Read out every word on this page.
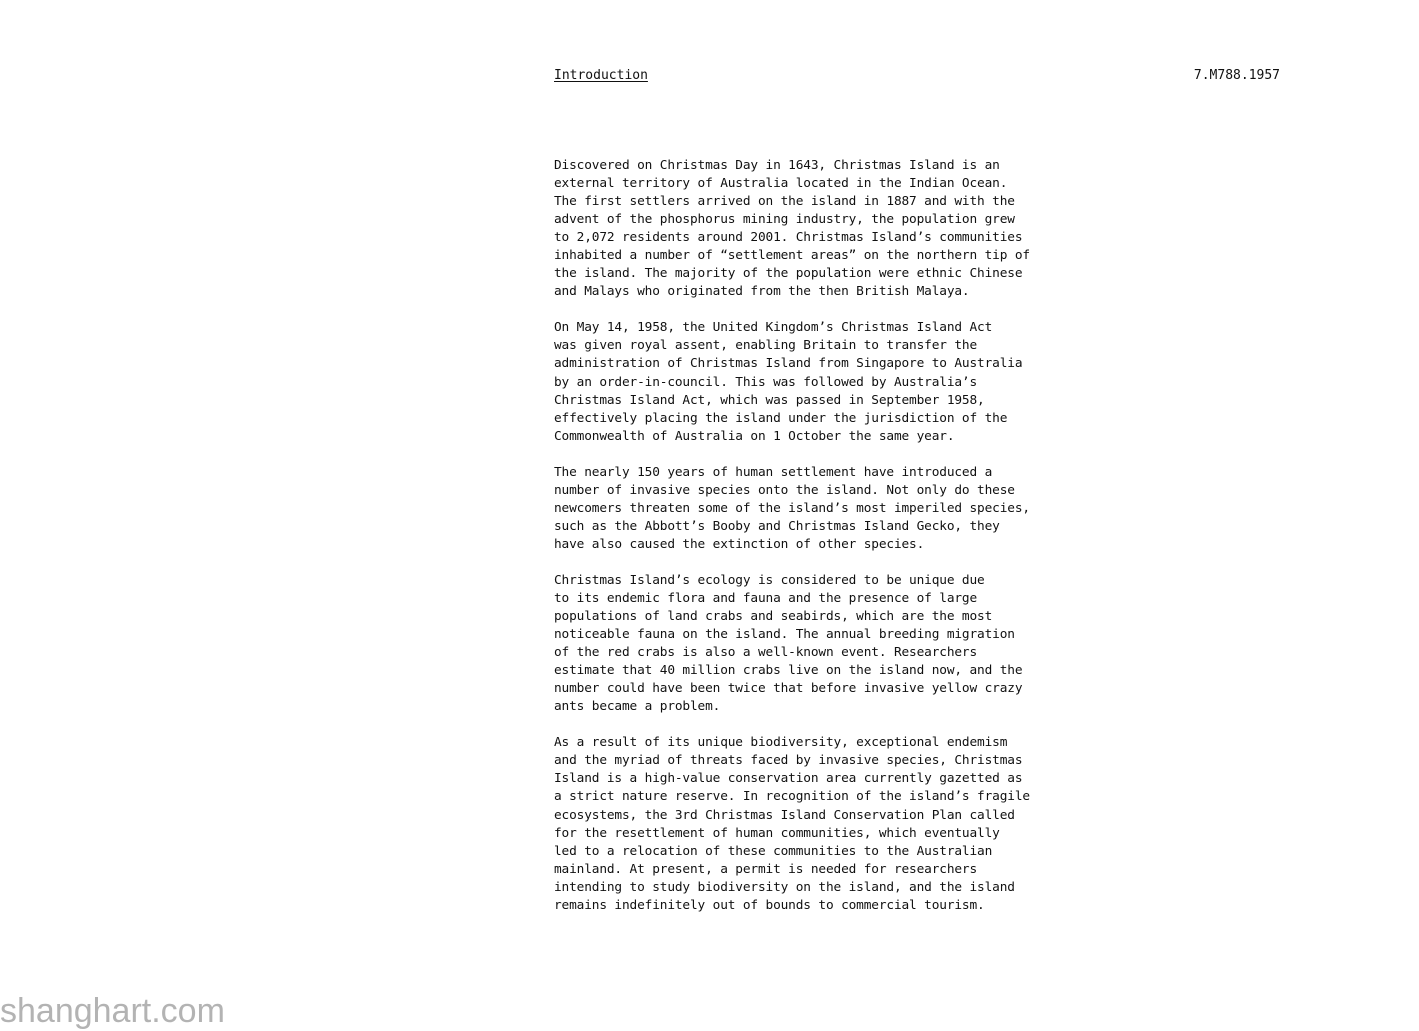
Introduction	7.M788.1957

Discovered on Christmas Day in 1643, Christmas Island is an
external territory of Australia located in the Indian Ocean.
The first settlers arrived on the island in 1887 and with the
advent of the phosphorus mining industry, the population grew
to 2,072 residents around 2001. Christmas Island’s communities
inhabited a number of “settlement areas” on the northern tip of
the island. The majority of the population were ethnic Chinese
and Malays who originated from the then British Malaya.

On May 14, 1958, the United Kingdom’s Christmas Island Act
was given royal assent, enabling Britain to transfer the
administration of Christmas Island from Singapore to Australia
by an order-in-council. This was followed by Australia’s
Christmas Island Act, which was passed in September 1958,
effectively placing the island under the jurisdiction of the
Commonwealth of Australia on 1 October the same year.

The nearly 150 years of human settlement have introduced a
number of invasive species onto the island. Not only do these
newcomers threaten some of the island’s most imperiled species,
such as the Abbott’s Booby and Christmas Island Gecko, they
have also caused the extinction of other species.

Christmas Island’s ecology is considered to be unique due
to its endemic flora and fauna and the presence of large
populations of land crabs and seabirds, which are the most
noticeable fauna on the island. The annual breeding migration
of the red crabs is also a well-known event. Researchers
estimate that 40 million crabs live on the island now, and the
number could have been twice that before invasive yellow crazy
ants became a problem.

As a result of its unique biodiversity, exceptional endemism
and the myriad of threats faced by invasive species, Christmas
Island is a high-value conservation area currently gazetted as
a strict nature reserve. In recognition of the island’s fragile
ecosystems, the 3rd Christmas Island Conservation Plan called
for the resettlement of human communities, which eventually
led to a relocation of these communities to the Australian
mainland. At present, a permit is needed for researchers
intending to study biodiversity on the island, and the island
remains indefinitely out of bounds to commercial tourism.

shanghart.com
